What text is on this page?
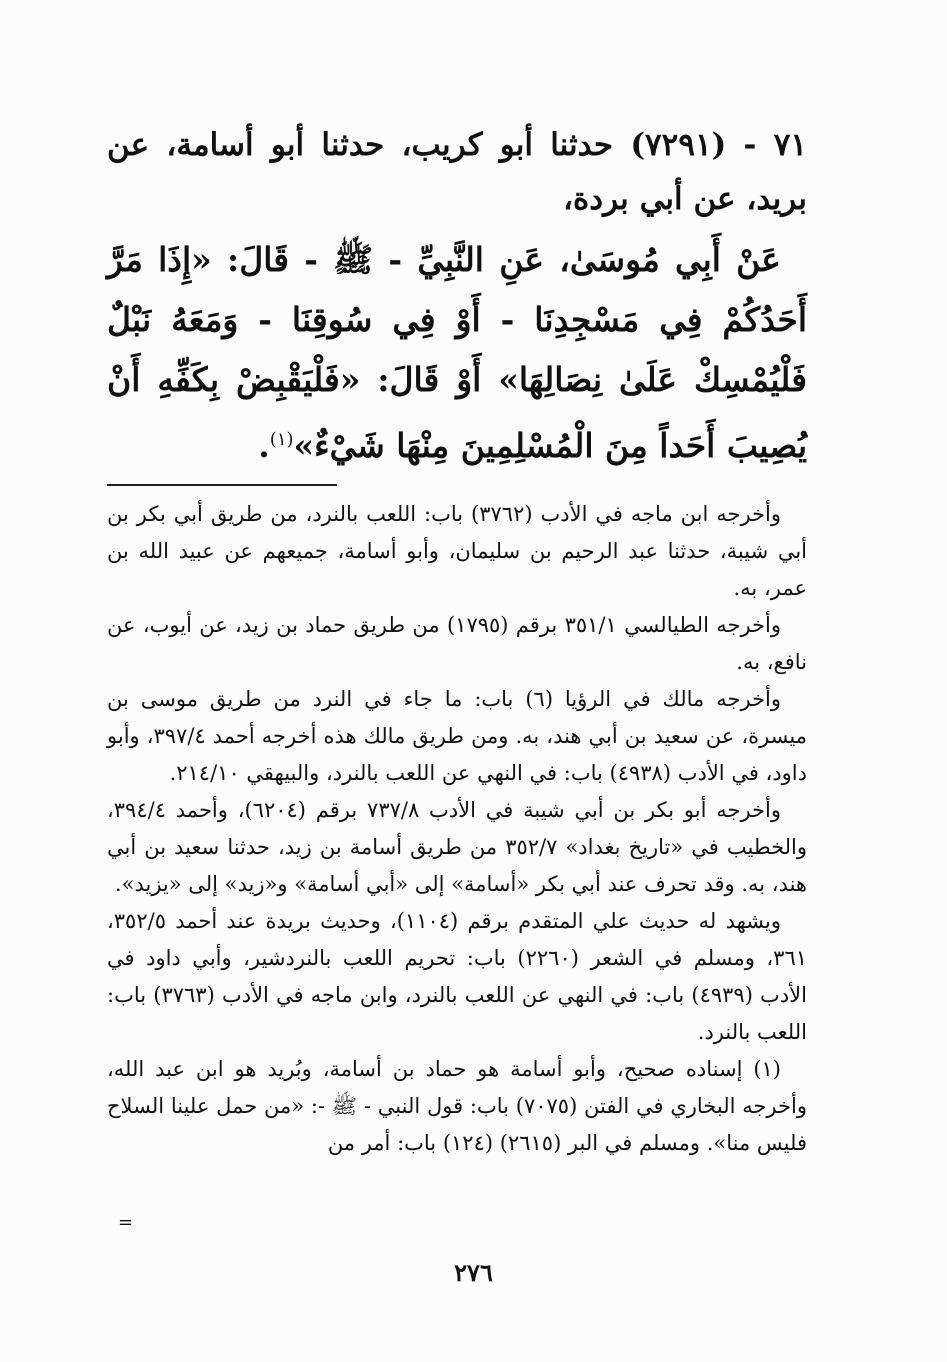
٧١ - (٧٢٩١) حدثنا أبو كريب، حدثنا أبو أسامة، عن بريد، عن أبي بردة،

عَنْ أَبِي مُوسَىٰ، عَنِ النَّبِيِّ - ﷺ - قَالَ: «إِذَا مَرَّ أَحَدُكُمْ فِي مَسْجِدِنَا - أَوْ فِي سُوقِنَا - وَمَعَهُ نَبْلٌ فَلْيُمْسِكْ عَلَىٰ نِصَالِهَا» أَوْ قَالَ: «فَلْيَقْبِضْ بِكَفِّهِ أَنْ يُصِيبَ أَحَداً مِنَ الْمُسْلِمِينَ مِنْهَا شَيْءٌ»$^{(١)}$.

وأخرجه ابن ماجه في الأدب (٣٧٦٢) باب: اللعب بالنرد، من طريق أبي بكر بن أبي شيبة، حدثنا عبد الرحيم بن سليمان، وأبو أسامة، جميعهم عن عبيد الله بن عمر، به.

وأخرجه الطيالسي ٣٥١/١ برقم (١٧٩٥) من طريق حماد بن زيد، عن أيوب، عن نافع، به.

وأخرجه مالك في الرؤيا (٦) باب: ما جاء في النرد من طريق موسى بن ميسرة، عن سعيد بن أبي هند، به. ومن طريق مالك هذه أخرجه أحمد ٣٩٧/٤، وأبو داود، في الأدب (٤٩٣٨) باب: في النهي عن اللعب بالنرد، والبيهقي ٢١٤/١٠.

وأخرجه أبو بكر بن أبي شيبة في الأدب ٧٣٧/٨ برقم (٦٢٠٤)، وأحمد ٣٩٤/٤، والخطيب في «تاريخ بغداد» ٣٥٢/٧ من طريق أسامة بن زيد، حدثنا سعيد بن أبي هند، به. وقد تحرف عند أبي بكر «أسامة» إلى «أبي أسامة» و«زيد» إلى «يزيد».

ويشهد له حديث علي المتقدم برقم (١١٠٤)، وحديث بريدة عند أحمد ٣٥٢/٥، ٣٦١، ومسلم في الشعر (٢٢٦٠) باب: تحريم اللعب بالنردشير، وأبي داود في الأدب (٤٩٣٩) باب: في النهي عن اللعب بالنرد، وابن ماجه في الأدب (٣٧٦٣) باب: اللعب بالنرد.

(١) إسناده صحيح، وأبو أسامة هو حماد بن أسامة، وبُريد هو ابن عبد الله، وأخرجه البخاري في الفتن (٧٠٧٥) باب: قول النبي - ﷺ -: «من حمل علينا السلاح فليس منا». ومسلم في البر (٢٦١٥) (١٢٤) باب: أمر من

=
٢٧٦
